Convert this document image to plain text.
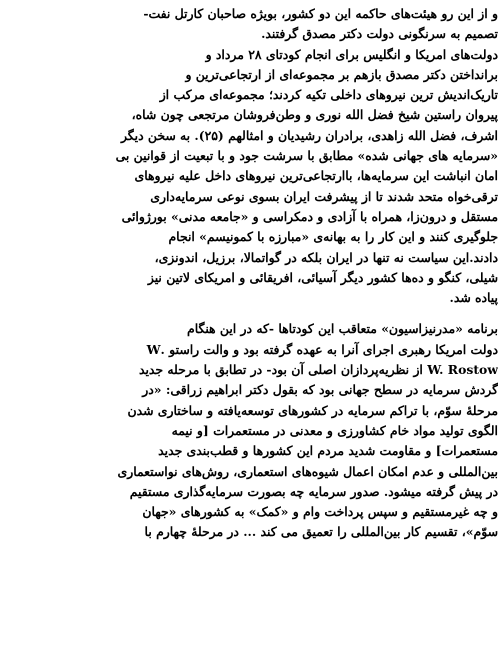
و از این رو هیئت‌های حاکمه این دو کشور، بویژه صاحبان کارتل نفت-
تصمیم به سرنگونی دولت دکتر مصدق گرفتند.
دولت‌های امریکا و انگلیس برای انجام کودتای ۲۸ مرداد و
برانداختن دکتر مصدق بازهم بر مجموعه‌ای از ارتجاعی‌ترین و
تاریک‌اندیش ترین نیروهای داخلی تکیه کردند؛ مجموعه‌ای مرکب از
پیروان راستین شیخ فضل الله نوری و وطن‌فروشان مرتجعی چون شاه،
اشرف، فضل الله زاهدی، برادران رشیدیان و امثالهم (۲۵). به سخن دیگر
«سرمایه های جهانی شده» مطابق با سرشت جود و با تبعیت از قوانین بی
امان انباشت این سرمایه‌ها، باارتجاعی‌ترین نیروهای داخل علیه نیروهای
ترقی‌خواه متحد شدند تا از پیشرفت ایران بسوی نوعی سرمایه‌داری
مستقل و درون‌زا، همراه با آزادی و دمکراسی و «جامعه مدنی» بورژوائی
جلوگیری کنند و این کار را به بهانه‌ی «مبارزه با کمونیسم» انجام
دادند.این سیاست نه تنها در ایران بلکه در گواتمالا، برزیل، اندونزی،
شیلی، کنگو و ده‌ها کشور دیگر آسیائی، افریقائی و امریکای لاتین نیز
پیاده شد.
برنامه «مدرنیزاسیون» متعاقب این کودتاها -که در این هنگام
دولت امریکا رهبری اجرای آنرا به عهده گرفته بود و والت راستو .W
W. Rostow از نظریه‌پردازان اصلی آن بود- در تطابق با مرحله جدید
گردش سرمایه در سطح جهانی بود که بقول دکتر ابراهیم زراقی: «در
مرحلهٔ سوّم، با تراکم سرمایه در کشورهای توسعه‌یافته و ساختاری شدن
الگوی تولید مواد خام کشاورزی و معدنی در مستعمرات [و نیمه
مستعمرات] و مقاومت شدید مردم این کشورها و قطب‌بندی جدید
بین‌المللی و عدم امکان اعمال شیوه‌های استعماری، روش‌های نواستعماری
در پیش گرفته میشود. صدور سرمایه چه بصورت سرمایه‌گذاری مستقیم
و چه غیرمستقیم و سپس پرداخت وام و «کمک» به کشورهای «جهان
سوّم»، تقسیم کار بین‌المللی را تعمیق می کند ... در مرحلهٔ چهارم با
